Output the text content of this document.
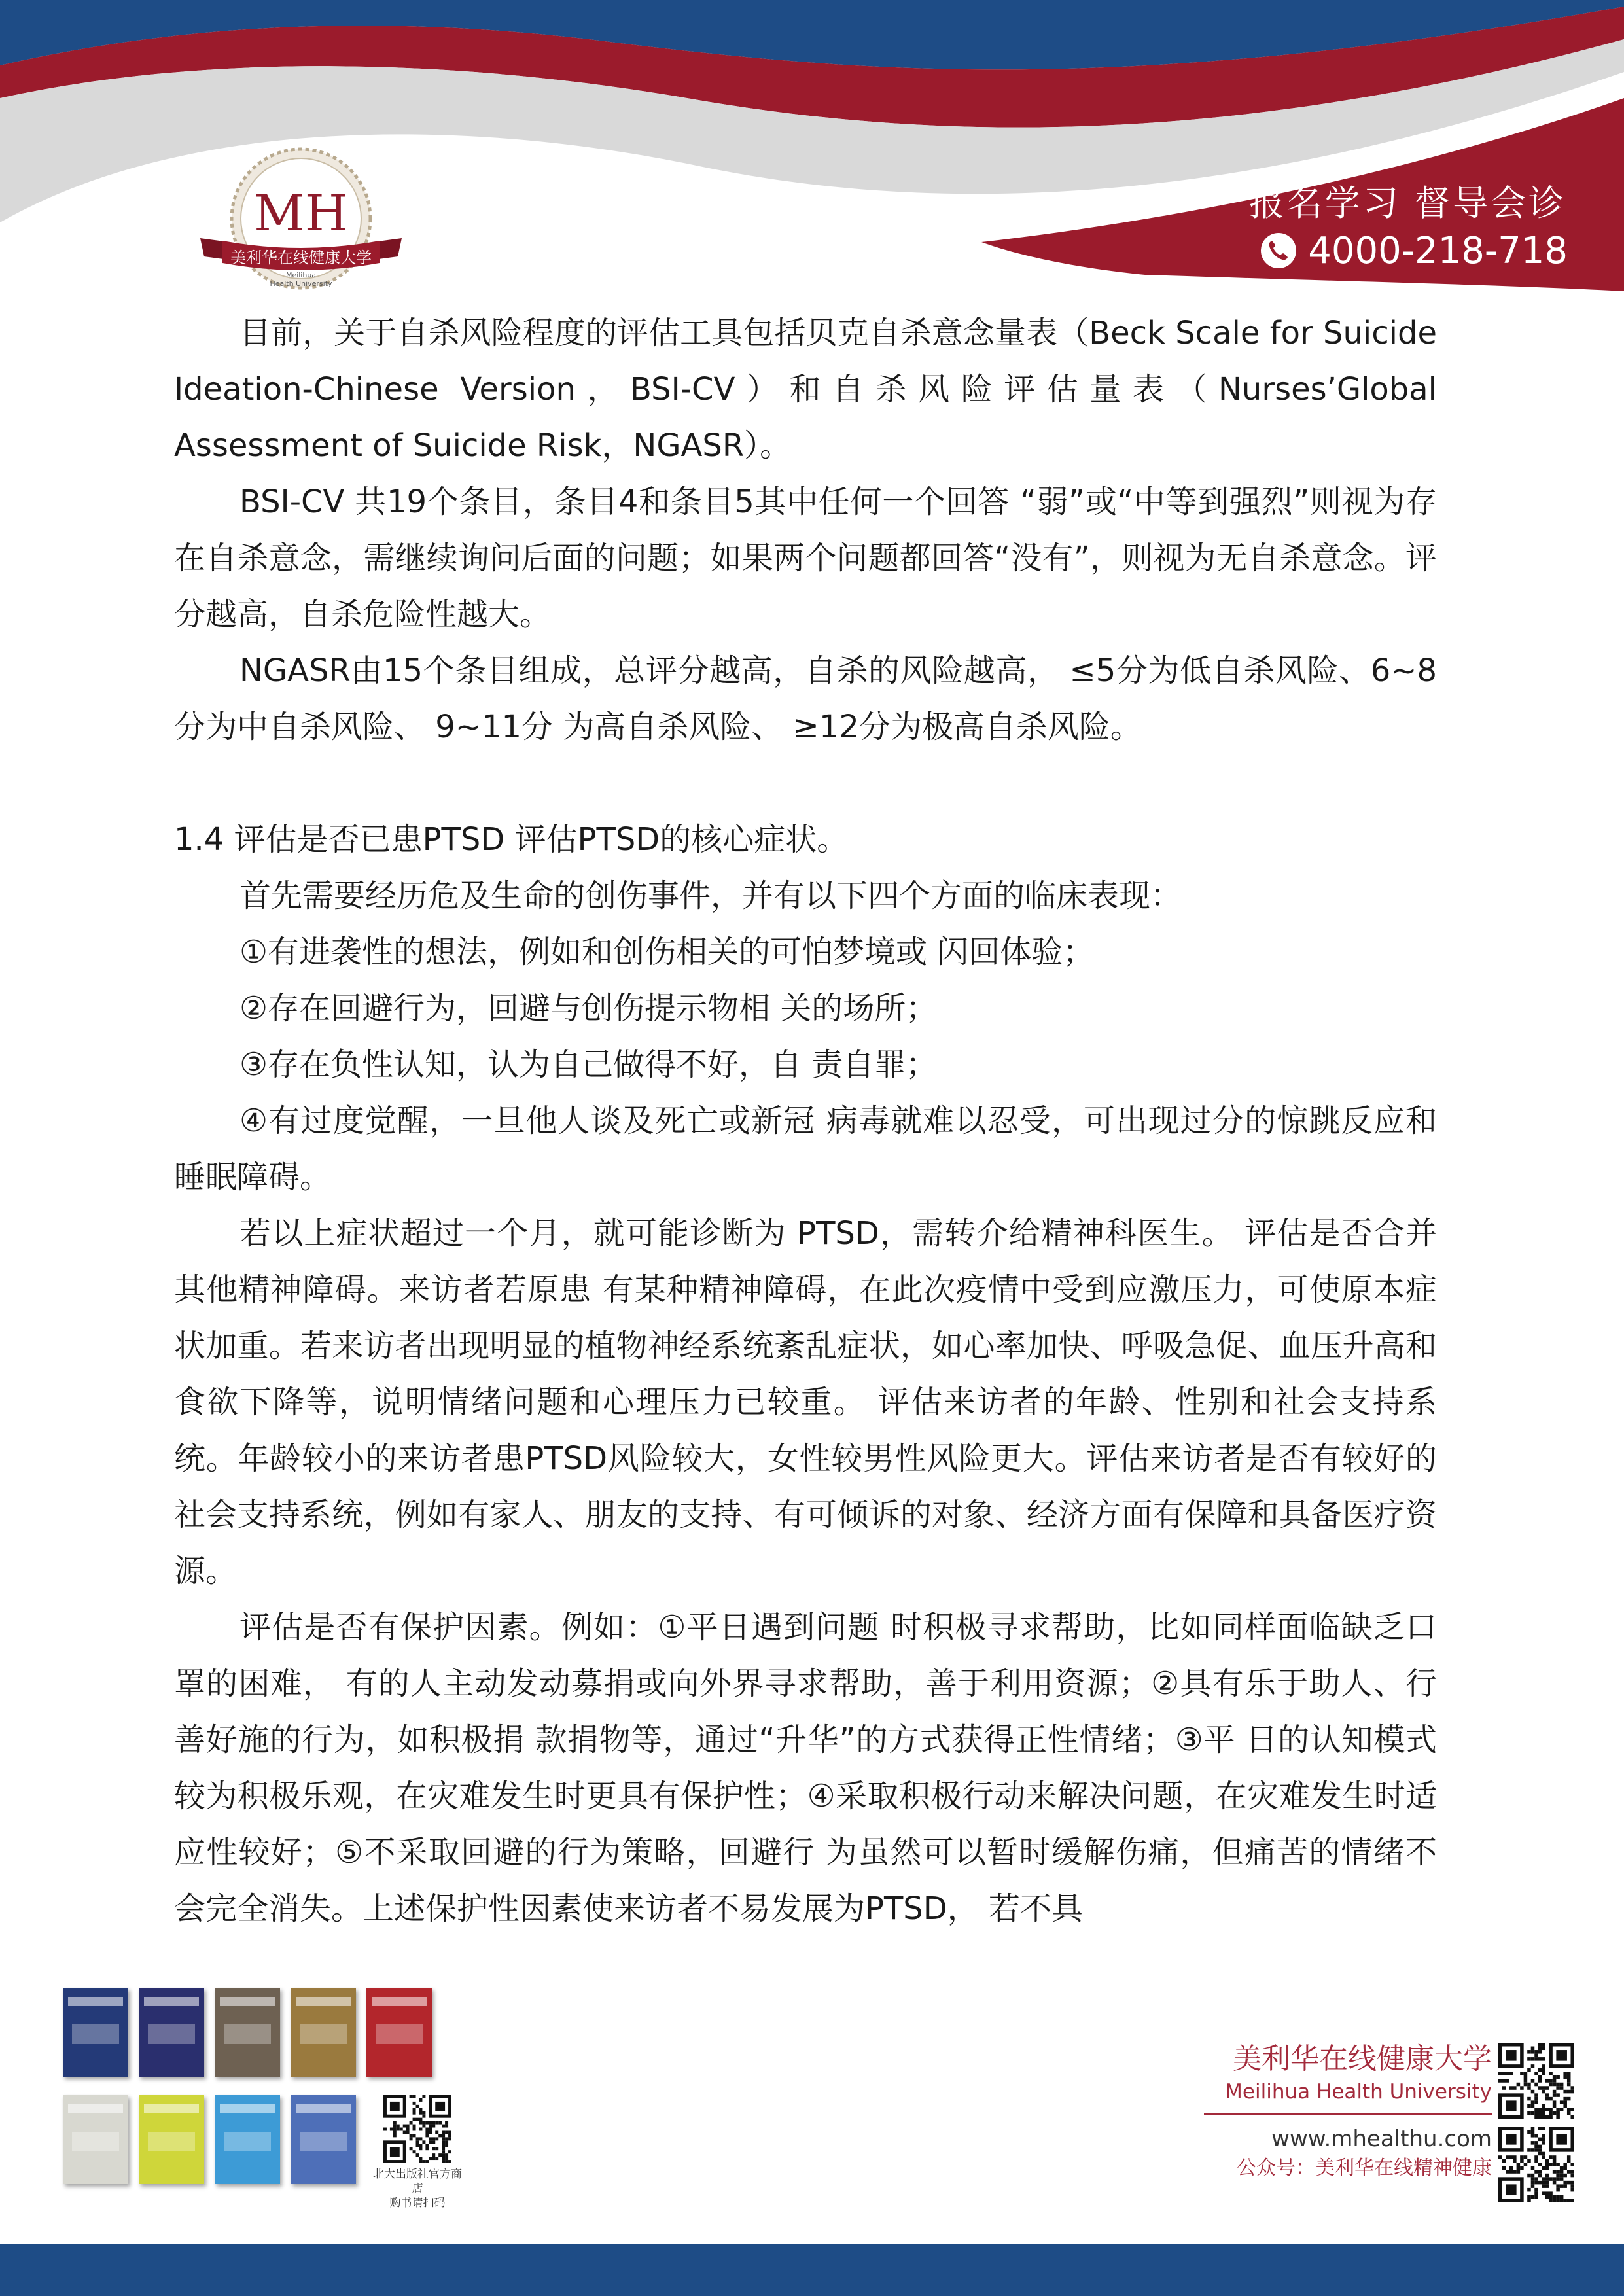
MH
美利华在线健康大学
Meilihua
Health University
报名学习 督导会诊
4000-218-718

目前，关于自杀风险程度的评估工具包括贝克自杀意念量表（Beck Scale for Suicide Ideation-Chinese Version，BSI-CV）和自杀风险评估量表（Nurses’Global Assessment of Suicide Risk，NGASR）。

BSI-CV 共19个条目，条目4和条目5其中任何一个回答 “弱”或“中等到强烈”则视为存在自杀意念，需继续询问后面的问题；如果两个问题都回答“没有”，则视为无自杀意念。评分越高，自杀危险性越大。

NGASR由15个条目组成，总评分越高，自杀的风险越高， ≤5分为低自杀风险、6~8分为中自杀风险、 9~11分 为高自杀风险、 ≥12分为极高自杀风险。

1.4 评估是否已患PTSD 评估PTSD的核心症状。

首先需要经历危及生命的创伤事件，并有以下四个方面的临床表现：

①有进袭性的想法，例如和创伤相关的可怕梦境或 闪回体验；

②存在回避行为，回避与创伤提示物相 关的场所；

③存在负性认知，认为自己做得不好，自 责自罪；

④有过度觉醒，一旦他人谈及死亡或新冠 病毒就难以忍受，可出现过分的惊跳反应和睡眠障碍。

若以上症状超过一个月，就可能诊断为 PTSD，需转介给精神科医生。 评估是否合并其他精神障碍。来访者若原患 有某种精神障碍，在此次疫情中受到应激压力，可使原本症状加重。若来访者出现明显的植物神经系统紊乱症状，如心率加快、呼吸急促、血压升高和食欲下降等，说明情绪问题和心理压力已较重。 评估来访者的年龄、性别和社会支持系统。年龄较小的来访者患PTSD风险较大，女性较男性风险更大。评估来访者是否有较好的社会支持系统，例如有家人、朋友的支持、有可倾诉的对象、经济方面有保障和具备医疗资源。

评估是否有保护因素。例如：①平日遇到问题 时积极寻求帮助，比如同样面临缺乏口罩的困难， 有的人主动发动募捐或向外界寻求帮助，善于利用资源；②具有乐于助人、行善好施的行为，如积极捐 款捐物等，通过“升华”的方式获得正性情绪；③平 日的认知模式较为积极乐观，在灾难发生时更具有保护性；④采取积极行动来解决问题，在灾难发生时适应性较好；⑤不采取回避的行为策略，回避行 为虽然可以暂时缓解伤痛，但痛苦的情绪不会完全消失。上述保护性因素使来访者不易发展为PTSD， 若不具

北大出版社官方商店
购书请扫码
美利华在线健康大学
Meilihua Health University
www.mhealthu.com
公众号：美利华在线精神健康
